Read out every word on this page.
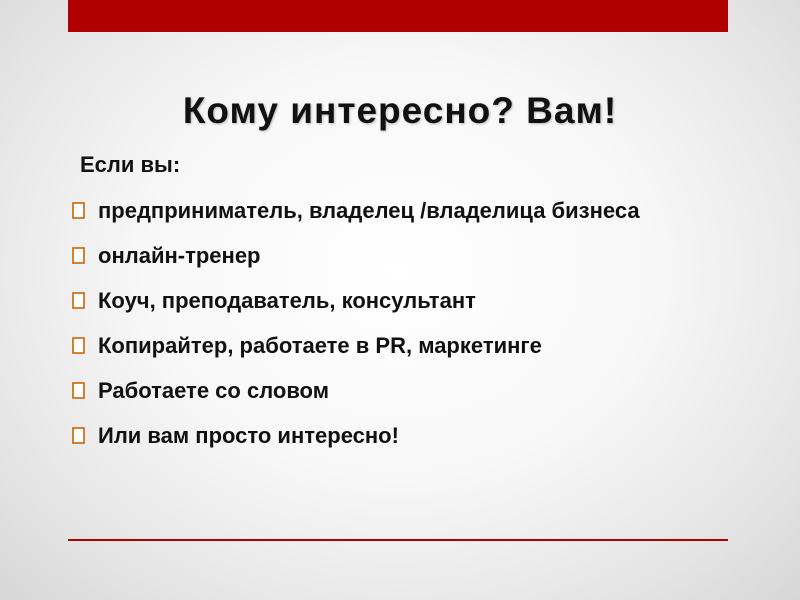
Кому интересно? Вам!
Если вы:
предприниматель, владелец /владелица бизнеса
онлайн-тренер
Коуч, преподаватель, консультант
Копирайтер, работаете в PR, маркетинге
Работаете со словом
Или вам просто интересно!
